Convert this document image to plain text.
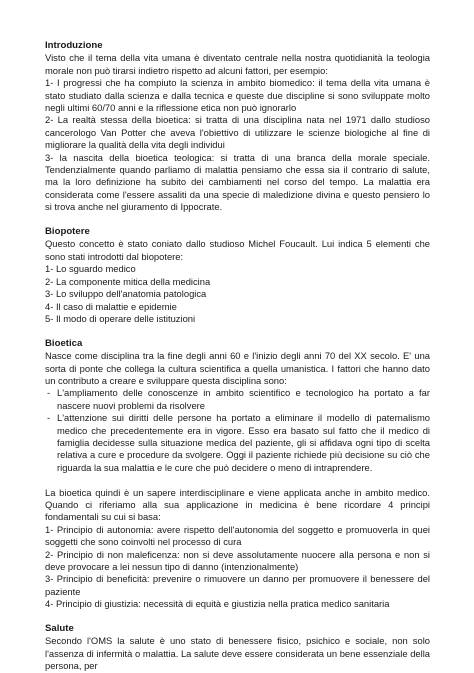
Introduzione

Visto che il tema della vita umana è diventato centrale nella nostra quotidianità la teologia morale non può tirarsi indietro rispetto ad alcuni fattori, per esempio:

1- I progressi che ha compiuto la scienza in ambito biomedico: il tema della vita umana è stato studiato dalla scienza e dalla tecnica e queste due discipline si sono sviluppate molto negli ultimi 60/70 anni e la riflessione etica non può ignorarlo

2- La realtà stessa della bioetica: si tratta di una disciplina nata nel 1971 dallo studioso cancerologo Van Potter che aveva l'obiettivo di utilizzare le scienze biologiche al fine di migliorare la qualità della vita degli individui

3- la nascita della bioetica teologica: si tratta di una branca della morale speciale. Tendenzialmente quando parliamo di malattia pensiamo che essa sia il contrario di salute, ma la loro definizione ha subito dei cambiamenti nel corso del tempo. La malattia era considerata come l'essere assaliti da una specie di maledizione divina e questo pensiero lo si trova anche nel giuramento di Ippocrate.

Biopotere

Questo concetto è stato coniato dallo studioso Michel Foucault. Lui indica 5 elementi che sono stati introdotti dal biopotere:

1- Lo sguardo medico

2- La componente mitica della medicina

3- Lo sviluppo dell'anatomia patologica

4- Il caso di malattie e epidemie

5- Il modo di operare delle istituzioni

Bioetica

Nasce come disciplina tra la fine degli anni 60 e l'inizio degli anni 70 del XX secolo. E' una sorta di ponte che collega la cultura scientifica a quella umanistica. I fattori che hanno dato un contributo a creare e sviluppare questa disciplina sono:

- L'ampliamento delle conoscenze in ambito scientifico e tecnologico ha portato a far nascere nuovi problemi da risolvere
- L'attenzione sui diritti delle persone ha portato a eliminare il modello di paternalismo medico che precedentemente era in vigore. Esso era basato sul fatto che il medico di famiglia decidesse sulla situazione medica del paziente, gli si affidava ogni tipo di scelta relativa a cure e procedure da svolgere. Oggi il paziente richiede più decisione su ciò che riguarda la sua malattia e le cure che può decidere o meno di intraprendere.

La bioetica quindi è un sapere interdisciplinare e viene applicata anche in ambito medico. Quando ci riferiamo alla sua applicazione in medicina è bene ricordare 4 principi fondamentali su cui si basa:

1- Principio di autonomia: avere rispetto dell'autonomia del soggetto e promuoverla in quei soggetti che sono coinvolti nel processo di cura

2- Principio di non maleficenza: non si deve assolutamente nuocere alla persona e non si deve provocare a lei nessun tipo di danno (intenzionalmente)

3- Principio di beneficità: prevenire o rimuovere un danno per promuovere il benessere del paziente

4- Principio di giustizia: necessità di equità e giustizia nella pratica medico sanitaria

Salute

Secondo l'OMS la salute è uno stato di benessere fisico, psichico e sociale, non solo l'assenza di infermità o malattia. La salute deve essere considerata un bene essenziale della persona, per
